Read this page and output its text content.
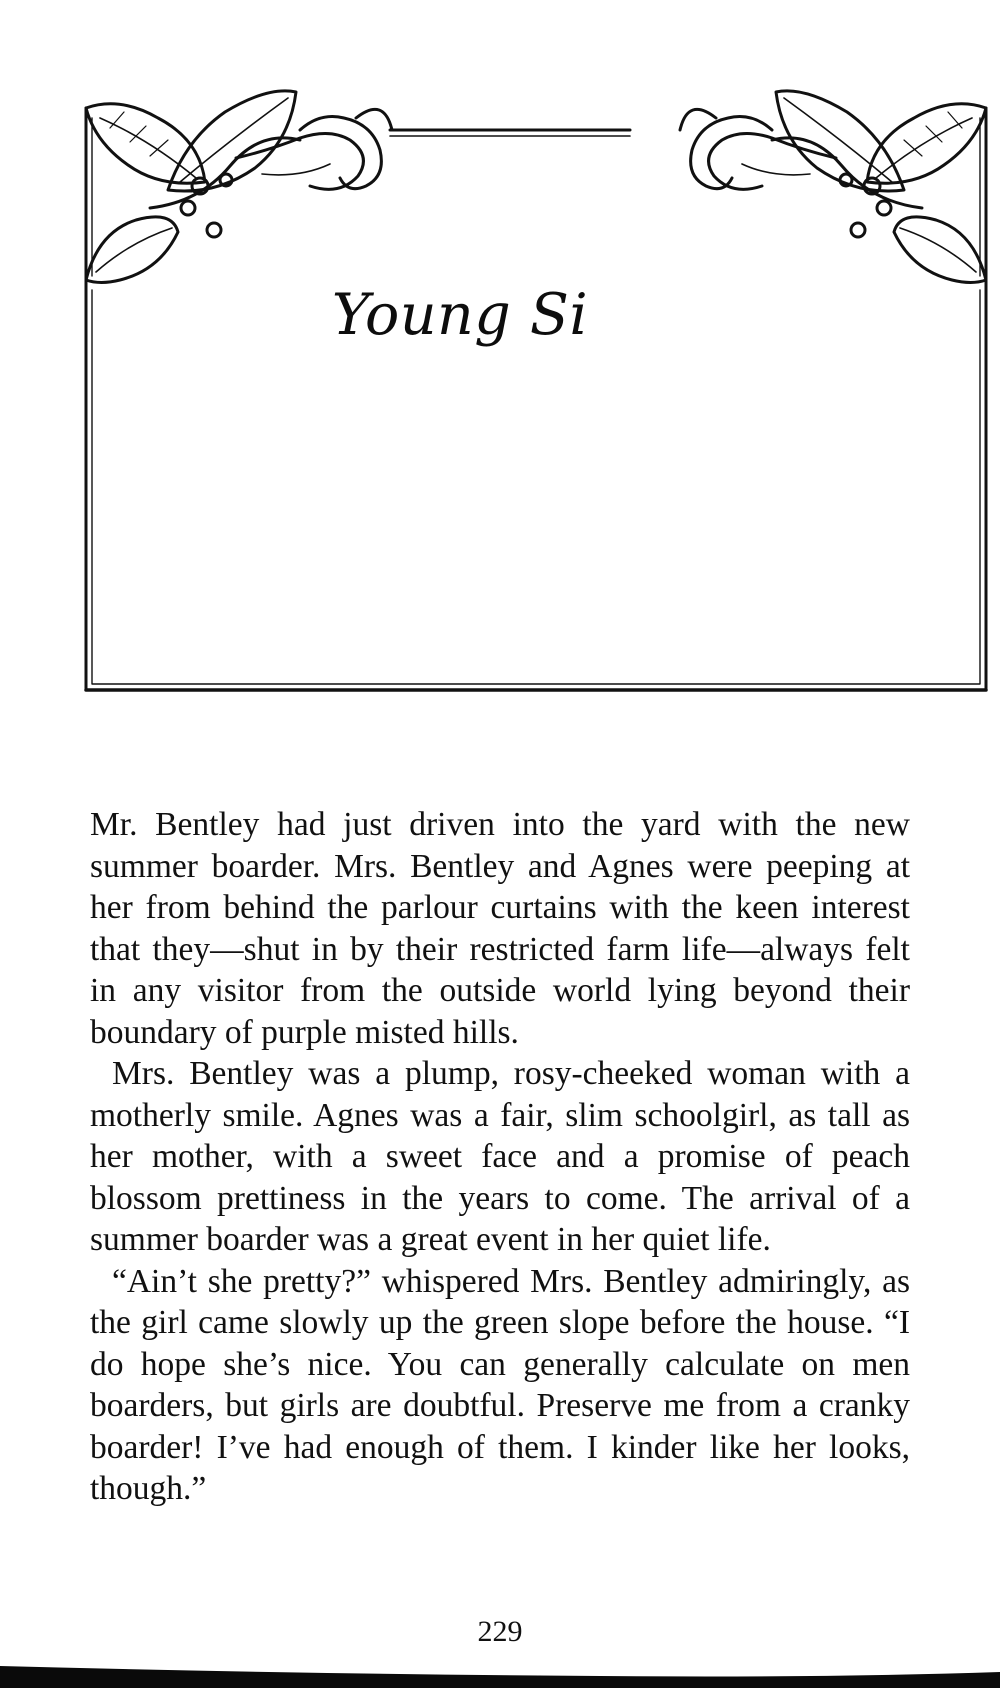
Young Si

Mr. Bentley had just driven into the yard with the new summer boarder. Mrs. Bentley and Agnes were peeping at her from behind the parlour curtains with the keen interest that they—shut in by their restricted farm life—always felt in any visitor from the outside world lying beyond their boundary of purple misted hills.

Mrs. Bentley was a plump, rosy-cheeked woman with a motherly smile. Agnes was a fair, slim schoolgirl, as tall as her mother, with a sweet face and a promise of peach blossom prettiness in the years to come. The arrival of a summer boarder was a great event in her quiet life.

“Ain’t she pretty?” whispered Mrs. Bentley admiringly, as the girl came slowly up the green slope before the house. “I do hope she’s nice. You can generally calculate on men boarders, but girls are doubtful. Preserve me from a cranky boarder! I’ve had enough of them. I kinder like her looks, though.”

229
